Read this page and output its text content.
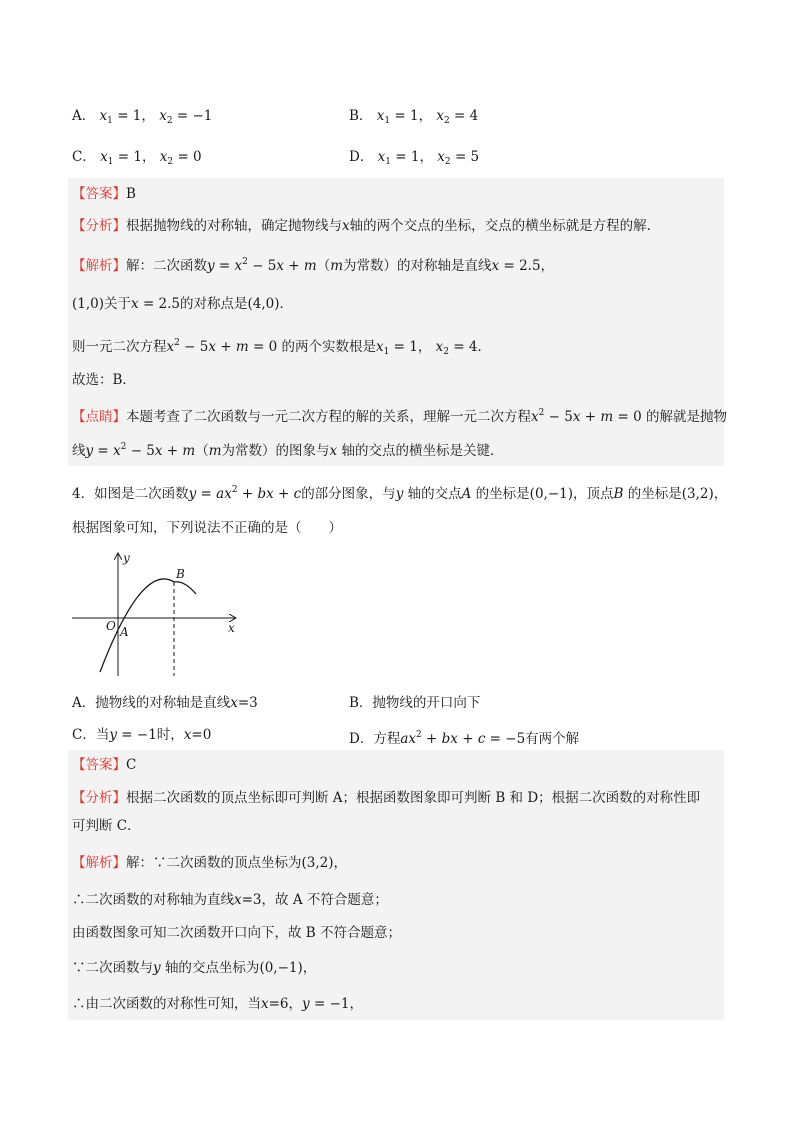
A． $x_1 = 1$， $x_2 = -1$	B． $x_1 = 1$， $x_2 = 4$
C． $x_1 = 1$， $x_2 = 0$	D． $x_1 = 1$， $x_2 = 5$
【答案】B
【分析】根据抛物线的对称轴，确定抛物线与x轴的两个交点的坐标，交点的横坐标就是方程的解．
【解析】解：二次函数$y = x^2 - 5x + m(m$为常数）的对称轴是直线x = 2.5，
(1,0)关于x = 2.5的对称点是(4,0)．
则一元二次方程$x^2 - 5x + m = 0$ 的两个实数根是$x_1 = 1$， $x_2 = 4$．
故选：B．
【点睛】本题考查了二次函数与一元二次方程的解的关系，理解一元二次方程$x^2 - 5x + m = 0$ 的解就是抛物
线$y = x^2 - 5x + m(m$为常数）的图象与x 轴的交点的横坐标是关键．
4．如图是二次函数$y = ax^2$ + bx + c的部分图象，与y 轴的交点A 的坐标是(0,−1)，顶点B 的坐标是(3,2)，
根据图象可知，下列说法不正确的是（　　）
y
x
O A
B
A．抛物线的对称轴是直线x=3	B．抛物线的开口向下
C．当y = −1时，x=0	D．方程$ax^2$ + bx + c = −5有两个解
【答案】C
【分析】根据二次函数的顶点坐标即可判断 A；根据函数图象即可判断 B 和 D；根据二次函数的对称性即
可判断 C．
【解析】解：∵二次函数的顶点坐标为(3,2)，
∴二次函数的对称轴为直线x=3，故 A 不符合题意；
由函数图象可知二次函数开口向下，故 B 不符合题意；
∵二次函数与y 轴的交点坐标为(0,−1)，
∴由二次函数的对称性可知，当x=6，y = −1，
